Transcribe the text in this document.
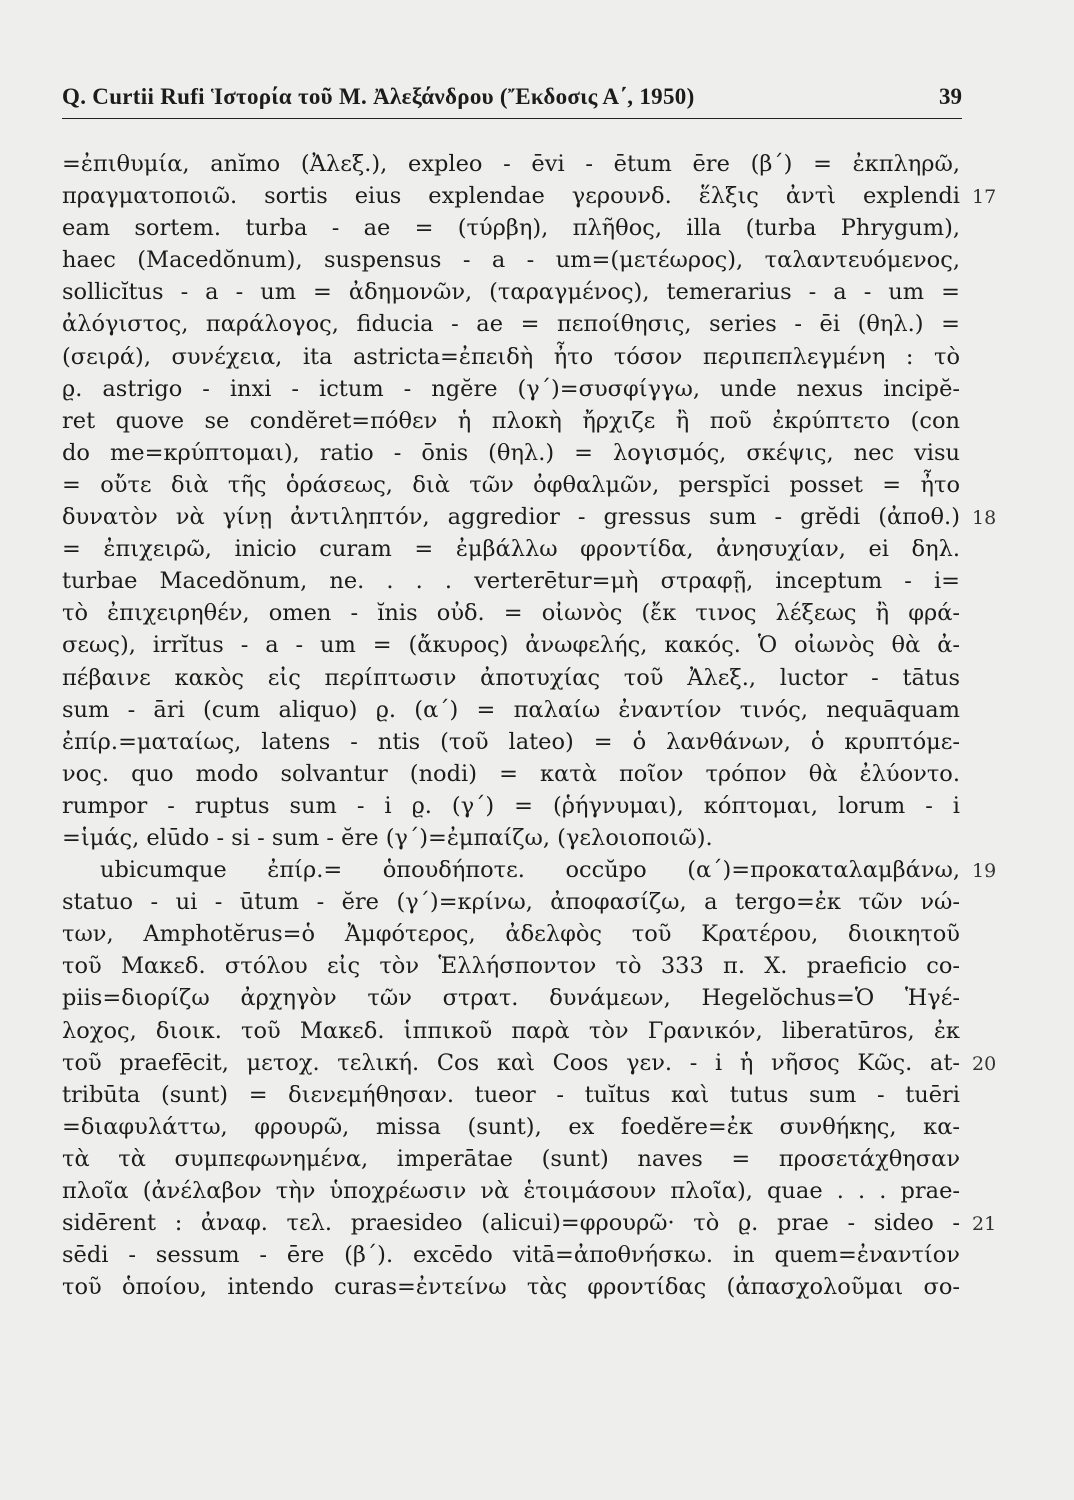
Q. Curtii Rufi Ἱστορία τοῦ Μ. Ἀλεξάνδρου (Ἔκδοσις Α΄, 1950)	39
=ἐπιθυμία, anĭmo (Ἀλεξ.), expleo - ēvi - ētum ēre (β΄) = ἐκπληρῶ,
πραγματοποιῶ. sortis eius explendae γερουνδ. ἕλξις ἀντὶ explendi 17
eam sortem. turba - ae = (τύρβη), πλῆθος, illa (turba Phrygum),
haec (Macedŏnum), suspensus - a - um=(μετέωρος), ταλαντευόμενος,
sollicĭtus - a - um = ἀδημονῶν, (ταραγμένος), temerarius - a - um =
ἀλόγιστος, παράλογος, fiducia - ae = πεποίθησις, series - ēi (θηλ.) =
(σειρά), συνέχεια, ita astricta=ἐπειδὴ ἦτο τόσον περιπεπλεγμένη : τὸ
ϱ. astrigo - inxi - ictum - ngĕre (γ΄)=συσφίγγω, unde nexus incipĕ-
ret quove se condĕret=πόθεν ἡ πλοκὴ ἤρχιζε ἢ ποῦ ἐκρύπτετο (con
do me=κρύπτομαι), ratio - ōnis (θηλ.) = λογισμός, σκέψις, nec visu
= οὔτε διὰ τῆς ὁράσεως, διὰ τῶν ὀφθαλμῶν, perspĭci posset = ἦτο
δυνατὸν νὰ γίνῃ ἀντιληπτόν, aggredior - gressus sum - grĕdi (ἀποθ.) 18
= ἐπιχειρῶ, inicio curam = ἐμβάλλω φροντίδα, ἀνησυχίαν, ei δηλ.
turbae Macedŏnum, ne. . . . verterētur=μὴ στραφῇ, inceptum - i=
τὸ ἐπιχειρηθέν, omen - ĭnis οὐδ. = οἰωνὸς (ἔκ τινος λέξεως ἢ φρά-
σεως), irrĭtus - a - um = (ἄκυρος) ἀνωφελής, κακός. Ὁ οἰωνὸς θὰ ἀ-
πέβαινε κακὸς εἰς περίπτωσιν ἀποτυχίας τοῦ Ἀλεξ., luctor - tātus
sum - āri (cum aliquo) ϱ. (α΄) = παλαίω ἐναντίον τινός, nequāquam
ἐπίρ.=ματαίως, latens - ntis (τοῦ lateo) = ὁ λανθάνων, ὁ κρυπτόμε-
νος. quo modo solvantur (nodi) = κατὰ ποῖον τρόπον θὰ ἐλύοντο.
rumpor - ruptus sum - i ϱ. (γ΄) = (ῥήγνυμαι), κόπτομαι, lorum - i
=ἱμάς, elūdo - si - sum - ĕre (γ΄)=ἐμπαίζω, (γελοιοποιῶ).
ubicumque ἐπίρ.= ὁπουδήποτε. occŭpo (α΄)=προκαταλαμβάνω, 19
statuo - ui - ūtum - ĕre (γ΄)=κρίνω, ἀποφασίζω, a tergo=ἐκ τῶν νώ-
των, Amphotĕrus=ὁ Ἀμφότερος, ἀδελφὸς τοῦ Κρατέρου, διοικητοῦ
τοῦ Μακεδ. στόλου εἰς τὸν Ἑλλήσποντον τὸ 333 π. Χ. praeficio co-
piis=διορίζω ἀρχηγὸν τῶν στρατ. δυνάμεων, Hegelŏchus=Ὁ Ἡγέ-
λοχος, διοικ. τοῦ Μακεδ. ἱππικοῦ παρὰ τὸν Γρανικόν, liberatūros, ἐκ
τοῦ praefēcit, μετοχ. τελική. Cos καὶ Coos γεν. - i ἡ νῆσος Κῶς. at- 20
tribūta (sunt) = διενεμήθησαν. tueor - tuĭtus καὶ tutus sum - tuēri
=διαφυλάττω, φρουρῶ, missa (sunt), ex foedĕre=ἐκ συνθήκης, κα-
τὰ τὰ συμπεφωνημένα, imperātae (sunt) naves = προσετάχθησαν
πλοῖα (ἀνέλαβον τὴν ὑποχρέωσιν νὰ ἑτοιμάσουν πλοῖα), quae . . . prae-
sidērent : ἀναφ. τελ. praesideo (alicui)=φρουρῶ· τὸ ϱ. prae - sideo - 21
sēdi - sessum - ēre (β΄). excēdo vitā=ἀποθνήσκω. in quem=ἐναντίον
τοῦ ὁποίου, intendo curas=ἐντείνω τὰς φροντίδας (ἀπασχολοῦμαι σο-
